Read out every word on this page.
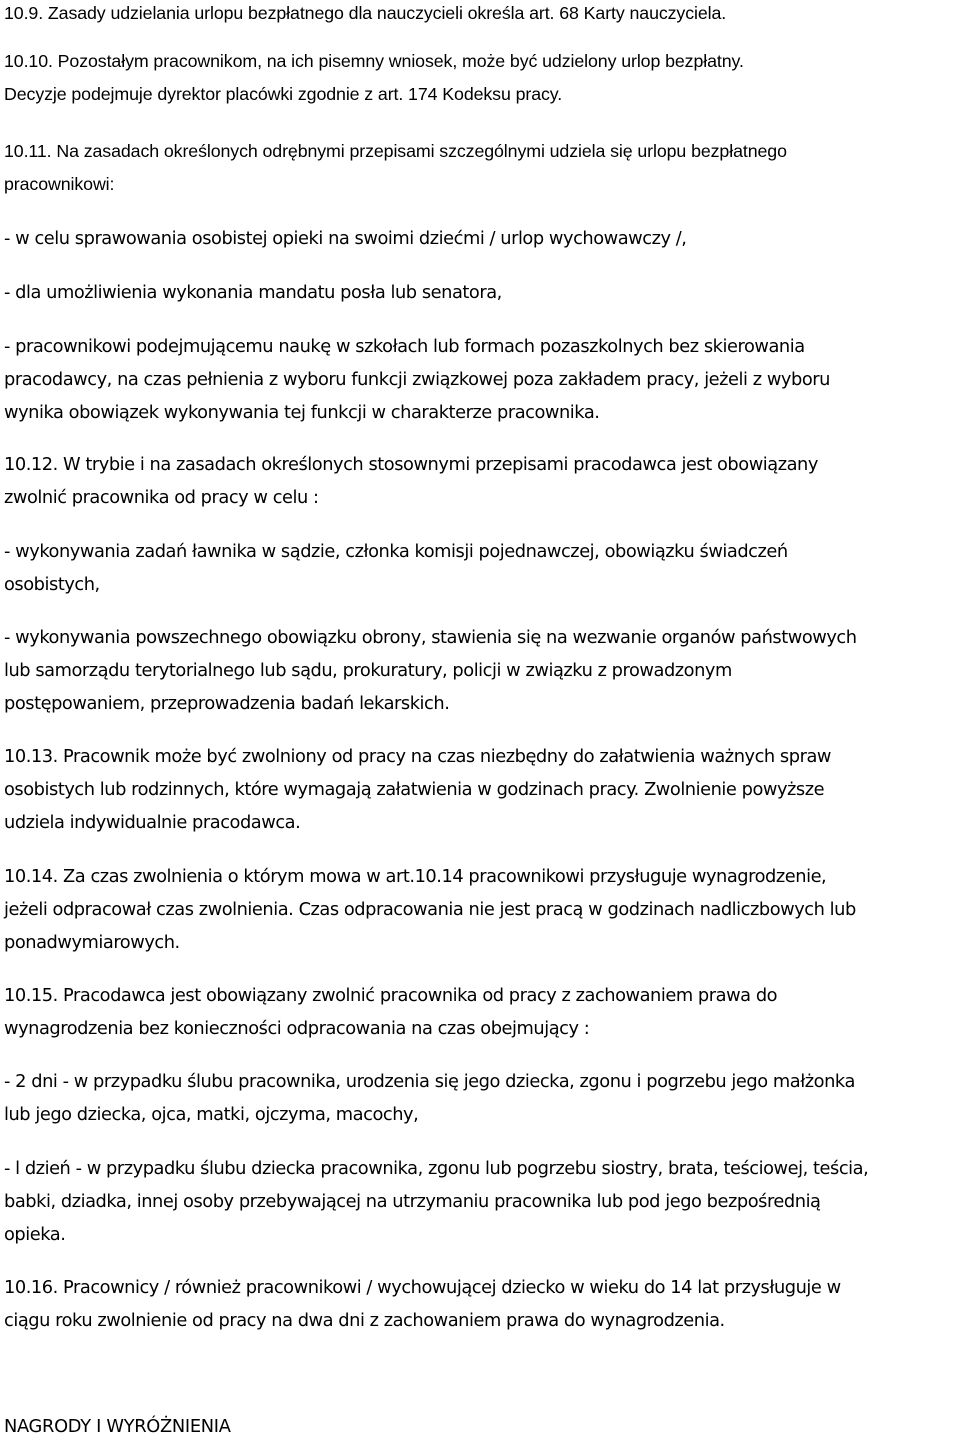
10.9. Zasady udzielania urlopu bezpłatnego dla nauczycieli określa art. 68 Karty nauczyciela.

10.10. Pozostałym pracownikom, na ich pisemny wniosek, może być udzielony urlop bezpłatny.
Decyzje podejmuje dyrektor placówki zgodnie z art. 174 Kodeksu pracy.

10.11. Na zasadach określonych odrębnymi przepisami szczególnymi udziela się urlopu bezpłatnego
pracownikowi:

- w celu sprawowania osobistej opieki na swoimi dziećmi / urlop wychowawczy /,

- dla umożliwienia wykonania mandatu posła lub senatora,

- pracownikowi podejmującemu naukę w szkołach lub formach pozaszkolnych bez skierowania
pracodawcy, na czas pełnienia z wyboru funkcji związkowej poza zakładem pracy, jeżeli z wyboru
wynika obowiązek wykonywania tej funkcji w charakterze pracownika.

10.12. W trybie i na zasadach określonych stosownymi przepisami pracodawca jest obowiązany
zwolnić pracownika od pracy w celu :

- wykonywania zadań ławnika w sądzie, członka komisji pojednawczej, obowiązku świadczeń
osobistych,

- wykonywania powszechnego obowiązku obrony, stawienia się na wezwanie organów państwowych
lub samorządu terytorialnego lub sądu, prokuratury, policji w związku z prowadzonym
postępowaniem, przeprowadzenia badań lekarskich.

10.13. Pracownik może być zwolniony od pracy na czas niezbędny do załatwienia ważnych spraw
osobistych lub rodzinnych, które wymagają załatwienia w godzinach pracy. Zwolnienie powyższe
udziela indywidualnie pracodawca.

10.14. Za czas zwolnienia o którym mowa w art.10.14 pracownikowi przysługuje wynagrodzenie,
jeżeli odpracował czas zwolnienia. Czas odpracowania nie jest pracą w godzinach nadliczbowych lub
ponadwymiarowych.

10.15. Pracodawca jest obowiązany zwolnić pracownika od pracy z zachowaniem prawa do
wynagrodzenia bez konieczności odpracowania na czas obejmujący :

- 2 dni - w przypadku ślubu pracownika, urodzenia się jego dziecka, zgonu i pogrzebu jego małżonka
lub jego dziecka, ojca, matki, ojczyma, macochy,

- l dzień - w przypadku ślubu dziecka pracownika, zgonu lub pogrzebu siostry, brata, teściowej, teścia,
babki, dziadka, innej osoby przebywającej na utrzymaniu pracownika lub pod jego bezpośrednią
opieka.

10.16. Pracownicy / również pracownikowi / wychowującej dziecko w wieku do 14 lat przysługuje w
ciągu roku zwolnienie od pracy na dwa dni z zachowaniem prawa do wynagrodzenia.

NAGRODY I WYRÓŻNIENIA
